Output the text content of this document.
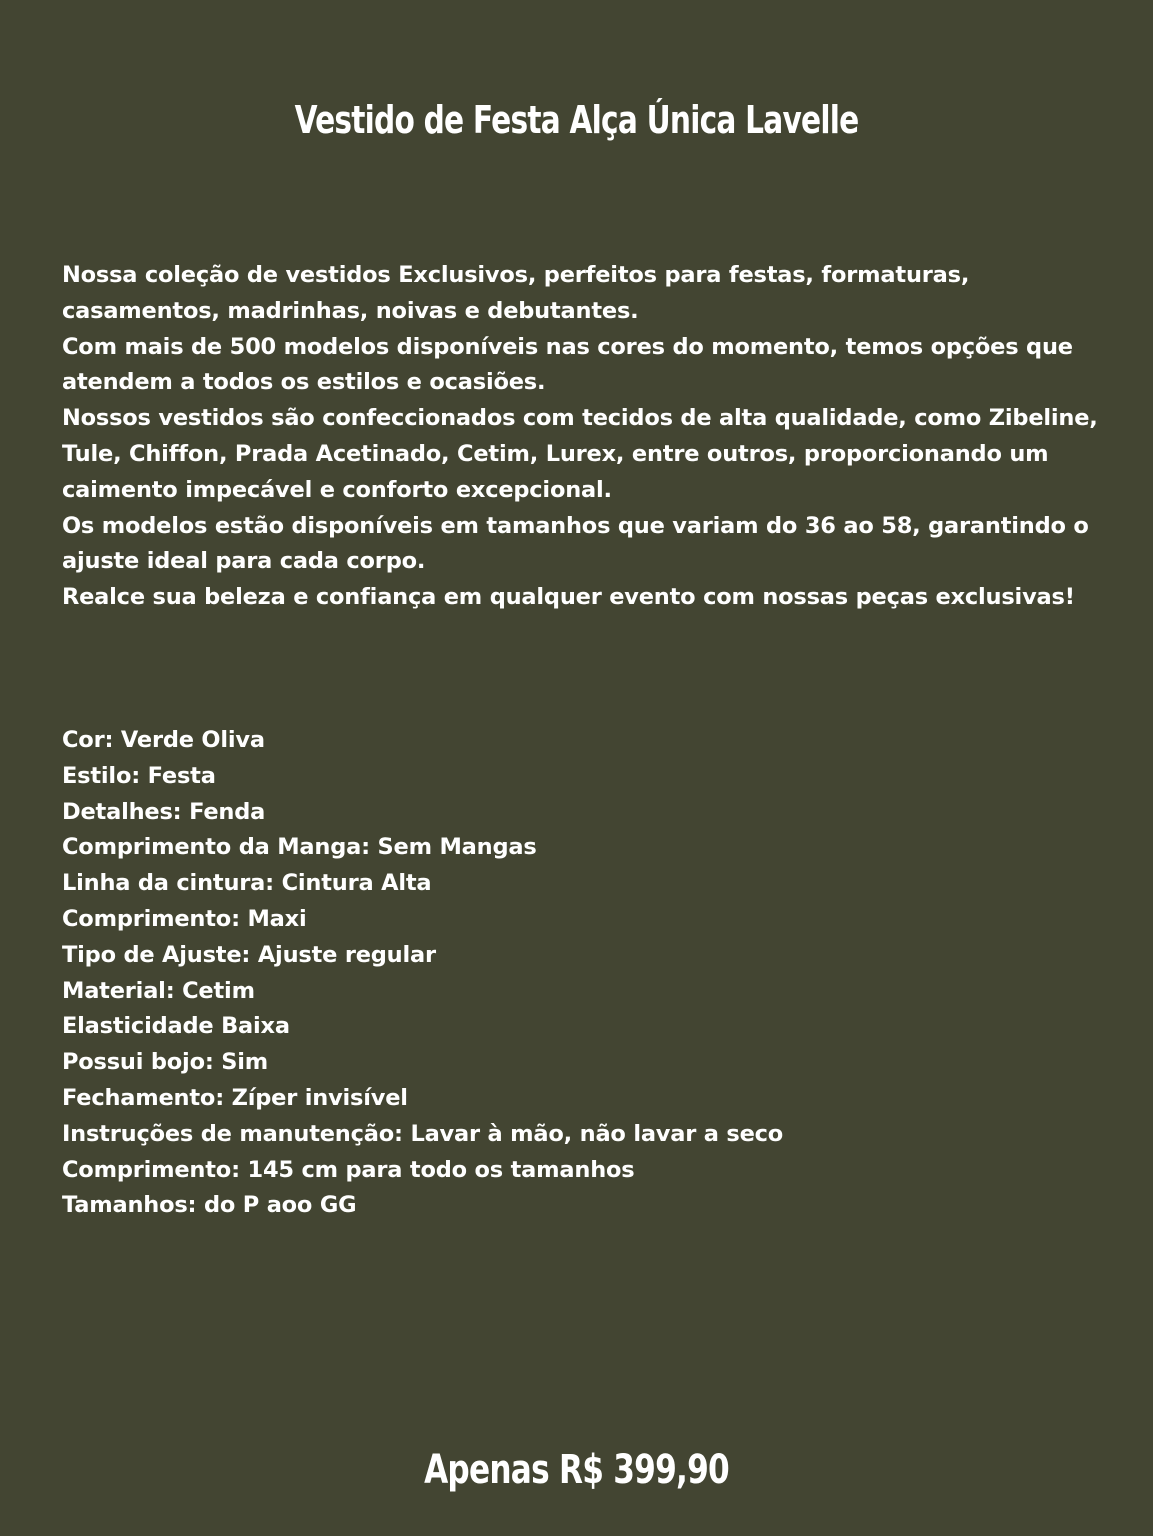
Vestido de Festa Alça Única Lavelle

Nossa coleção de vestidos Exclusivos, perfeitos para festas, formaturas, casamentos, madrinhas, noivas e debutantes.

Com mais de 500 modelos disponíveis nas cores do momento, temos opções que atendem a todos os estilos e ocasiões.

Nossos vestidos são confeccionados com tecidos de alta qualidade, como Zibeline, Tule, Chiffon, Prada Acetinado, Cetim, Lurex, entre outros, proporcionando um caimento impecável e conforto excepcional.

Os modelos estão disponíveis em tamanhos que variam do 36 ao 58, garantindo o ajuste ideal para cada corpo.

Realce sua beleza e confiança em qualquer evento com nossas peças exclusivas!

Cor: Verde Oliva
Estilo: Festa
Detalhes: Fenda
Comprimento da Manga: Sem Mangas
Linha da cintura: Cintura Alta
Comprimento: Maxi
Tipo de Ajuste: Ajuste regular
Material: Cetim
Elasticidade Baixa
Possui bojo: Sim
Fechamento: Zíper invisível
Instruções de manutenção: Lavar à mão, não lavar a seco
Comprimento: 145 cm para todo os tamanhos
Tamanhos: do P aoo GG
Apenas R$ 399,90
